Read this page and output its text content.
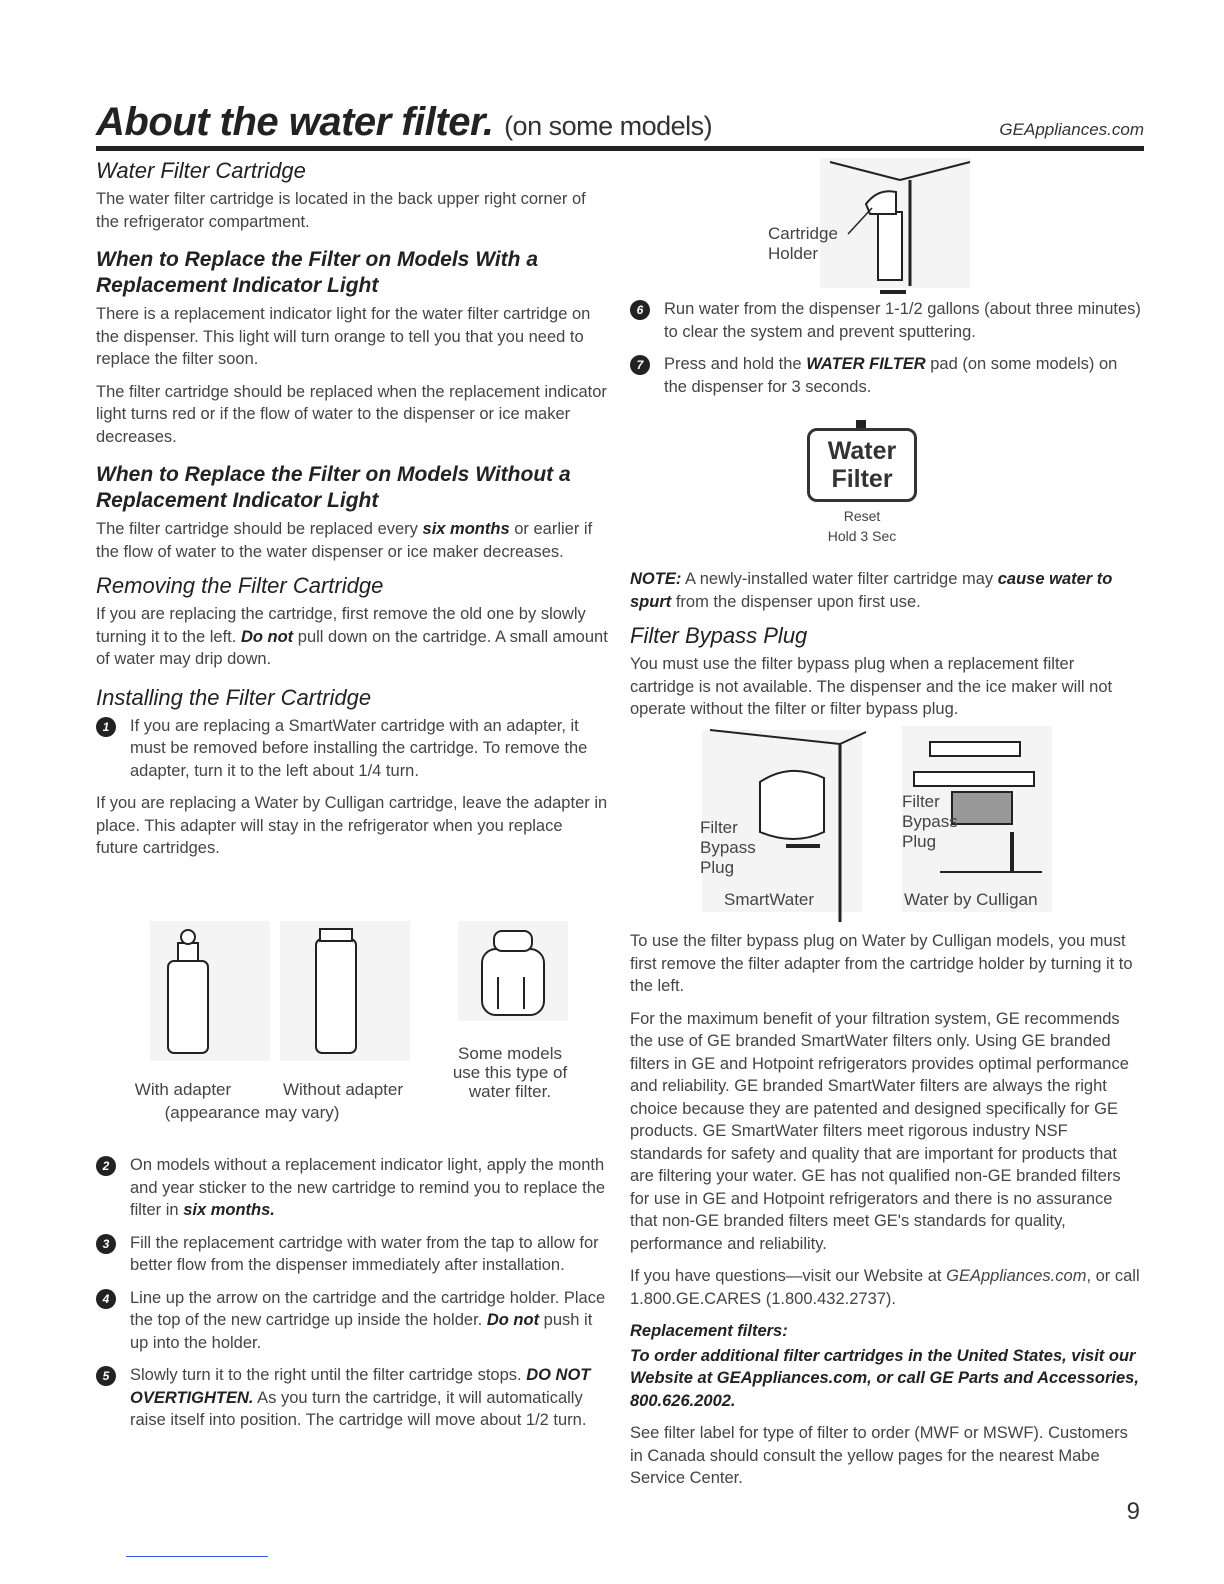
About the water filter. (on some models)	GEAppliances.com
Water Filter Cartridge

The water filter cartridge is located in the back upper right corner of the refrigerator compartment.

When to Replace the Filter on Models With a Replacement Indicator Light

There is a replacement indicator light for the water filter cartridge on the dispenser. This light will turn orange to tell you that you need to replace the filter soon.

The filter cartridge should be replaced when the replacement indicator light turns red or if the flow of water to the dispenser or ice maker decreases.

When to Replace the Filter on Models Without a Replacement Indicator Light

The filter cartridge should be replaced every six months or earlier if the flow of water to the water dispenser or ice maker decreases.

Removing the Filter Cartridge

If you are replacing the cartridge, first remove the old one by slowly turning it to the left. Do not pull down on the cartridge. A small amount of water may drip down.

Installing the Filter Cartridge
1	If you are replacing a SmartWater cartridge with an adapter, it must be removed before installing the cartridge. To remove the adapter, turn it to the left about 1/4 turn.

If you are replacing a Water by Culligan cartridge, leave the adapter in place. This adapter will stay in the refrigerator when you replace future cartridges.

With adapter	Without adapter
(appearance may vary)
Some models
use this type of
water filter.
2	On models without a replacement indicator light, apply the month and year sticker to the new cartridge to remind you to replace the filter in six months.
3	Fill the replacement cartridge with water from the tap to allow for better flow from the dispenser immediately after installation.
4	Line up the arrow on the cartridge and the cartridge holder. Place the top of the new cartridge up inside the holder. Do not push it up into the holder.
5	Slowly turn it to the right until the filter cartridge stops. DO NOT OVERTIGHTEN. As you turn the cartridge, it will automatically raise itself into position. The cartridge will move about 1/2 turn.
Cartridge
Holder
6	Run water from the dispenser 1-1/2 gallons (about three minutes) to clear the system and prevent sputtering.
7	Press and hold the WATER FILTER pad (on some models) on the dispenser for 3 seconds.
Water
Filter
Reset
Hold 3 Sec

NOTE: A newly-installed water filter cartridge may cause water to spurt from the dispenser upon first use.

Filter Bypass Plug

You must use the filter bypass plug when a replacement filter cartridge is not available. The dispenser and the ice maker will not operate without the filter or filter bypass plug.

Filter
Bypass
Plug
Filter
Bypass
Plug
SmartWater	Water by Culligan

To use the filter bypass plug on Water by Culligan models, you must first remove the filter adapter from the cartridge holder by turning it to the left.

For the maximum benefit of your filtration system, GE recommends the use of GE branded SmartWater filters only. Using GE branded filters in GE and Hotpoint refrigerators provides optimal performance and reliability. GE branded SmartWater filters are always the right choice because they are patented and designed specifically for GE products. GE SmartWater filters meet rigorous industry NSF standards for safety and quality that are important for products that are filtering your water. GE has not qualified non-GE branded filters for use in GE and Hotpoint refrigerators and there is no assurance that non-GE branded filters meet GE's standards for quality, performance and reliability.

If you have questions—visit our Website at GEAppliances.com, or call 1.800.GE.CARES (1.800.432.2737).

Replacement filters:

To order additional filter cartridges in the United States, visit our Website at GEAppliances.com, or call GE Parts and Accessories, 800.626.2002.

See filter label for type of filter to order (MWF or MSWF). Customers in Canada should consult the yellow pages for the nearest Mabe Service Center.

9
